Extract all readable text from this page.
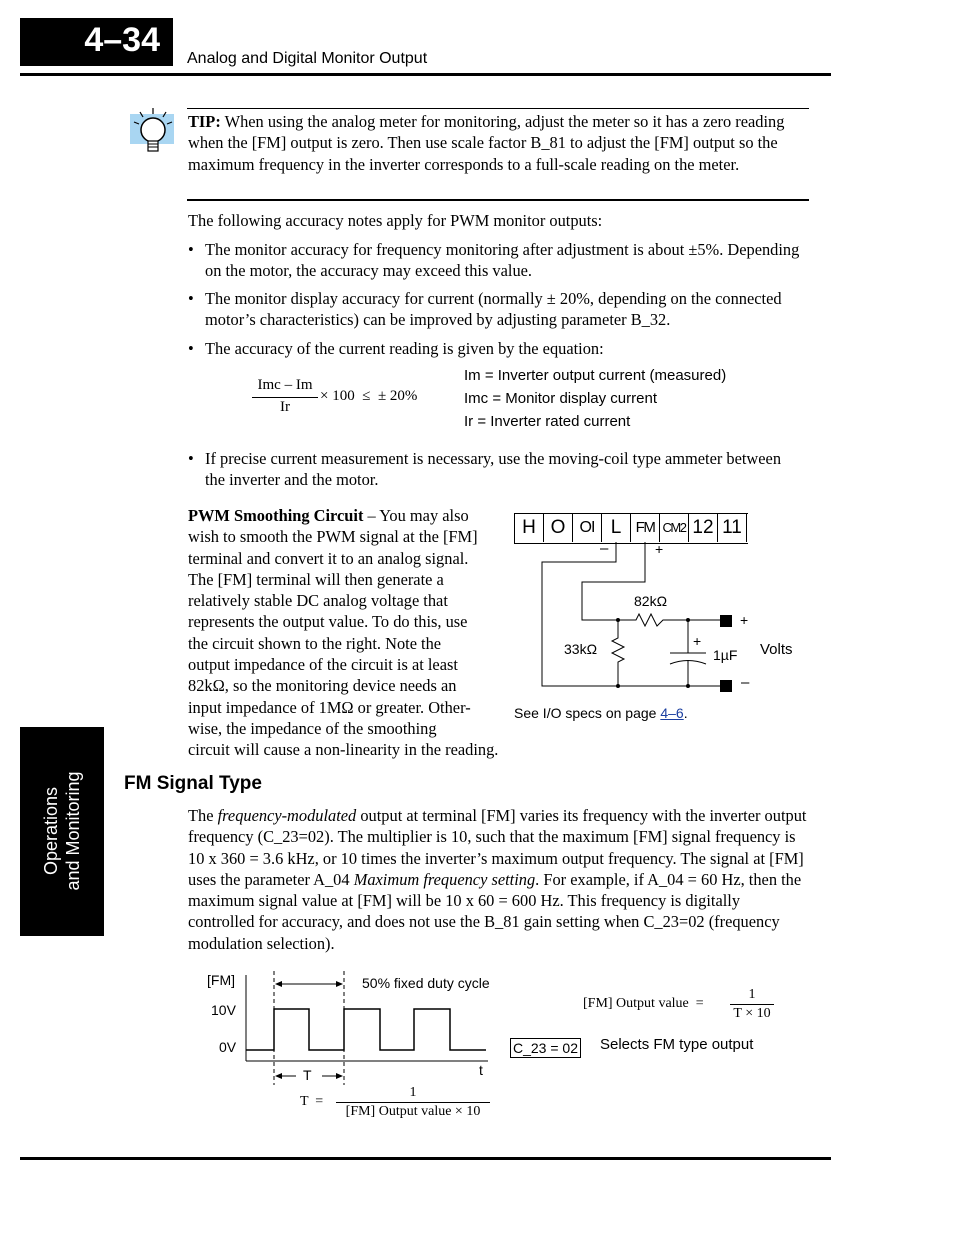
4–34 Analog and Digital Monitor Output
TIP: When using the analog meter for monitoring, adjust the meter so it has a zero reading when the [FM] output is zero. Then use scale factor B_81 to adjust the [FM] output so the maximum frequency in the inverter corresponds to a full-scale reading on the meter.
The following accuracy notes apply for PWM monitor outputs:
• The monitor accuracy for frequency monitoring after adjustment is about ±5%. Depending on the motor, the accuracy may exceed this value.
• The monitor display accuracy for current (normally ± 20%, depending on the connected motor’s characteristics) can be improved by adjusting parameter B_32.
• The accuracy of the current reading is given by the equation:
Imc – Im
Ir
× 100  ≤  ± 20%
Im = Inverter output current (measured)
Imc = Monitor display current
Ir = Inverter rated current
• If precise current measurement is necessary, use the moving-coil type ammeter between the inverter and the motor.
PWM Smoothing Circuit – You may also
wish to smooth the PWM signal at the [FM]
terminal and convert it to an analog signal.
The [FM] terminal will then generate a
relatively stable DC analog voltage that
represents the output value. To do this, use
the circuit shown to the right. Note the
output impedance of the circuit is at least
82kΩ, so the monitoring device needs an
input impedance of 1MΩ or greater. Other-
wise, the impedance of the smoothing
circuit will cause a non-linearity in the reading.
H O OI L FM CM2 12 11
–	+
82kΩ
33kΩ	+
1µF
+
–
Volts
See I/O specs on page 4–6.
Operations and Monitoring FM Signal Type
The frequency-modulated output at terminal [FM] varies its frequency with the inverter output frequency (C_23=02). The multiplier is 10, such that the maximum [FM] signal frequency is 10 x 360 = 3.6 kHz, or 10 times the inverter’s maximum output frequency. The signal at [FM] uses the parameter A_04 Maximum frequency setting. For example, if A_04 = 60 Hz, then the maximum signal value at [FM] will be 10 x 60 = 600 Hz. This frequency is digitally controlled for accuracy, and does not use the B_81 gain setting when C_23=02 (frequency modulation selection).
[FM]
10V
0V
50% fixed duty cycle
T	t
T  =
1
[FM] Output value × 10
[FM] Output value  =
1
T × 10
C_23 = 02 Selects FM type output
